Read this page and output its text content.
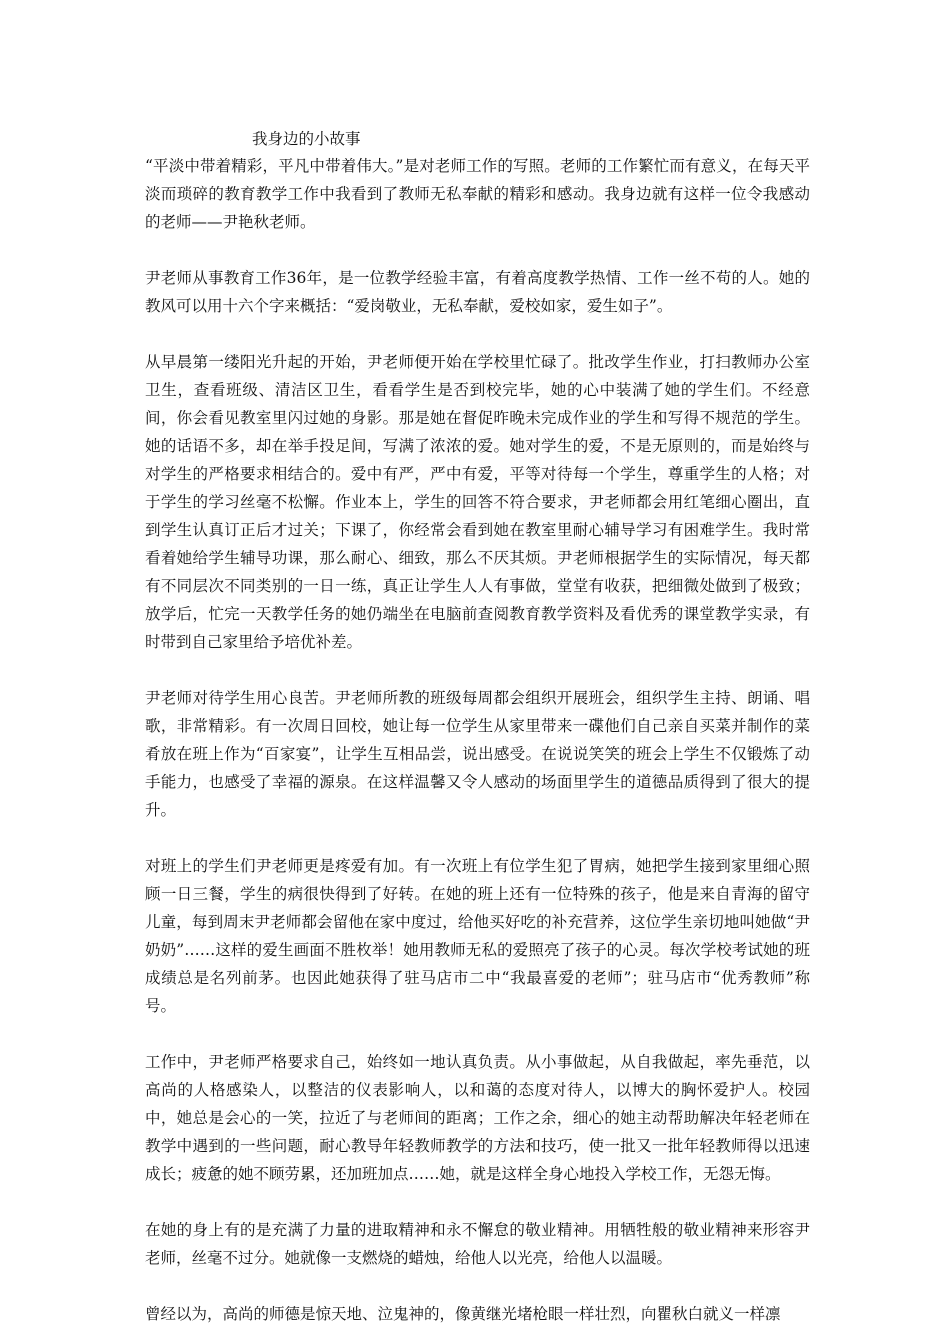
我身边的小故事

“平淡中带着精彩，平凡中带着伟大。”是对老师工作的写照。老师的工作繁忙而有意义，在每天平淡而琐碎的教育教学工作中我看到了教师无私奉献的精彩和感动。我身边就有这样一位令我感动的老师——尹艳秋老师。

尹老师从事教育工作36年，是一位教学经验丰富，有着高度教学热情、工作一丝不苟的人。她的教风可以用十六个字来概括：“爱岗敬业，无私奉献，爱校如家，爱生如子”。

从早晨第一缕阳光升起的开始，尹老师便开始在学校里忙碌了。批改学生作业，打扫教师办公室卫生，查看班级、清洁区卫生，看看学生是否到校完毕，她的心中装满了她的学生们。不经意间，你会看见教室里闪过她的身影。那是她在督促昨晚未完成作业的学生和写得不规范的学生。她的话语不多，却在举手投足间，写满了浓浓的爱。她对学生的爱，不是无原则的，而是始终与对学生的严格要求相结合的。爱中有严，严中有爱，平等对待每一个学生，尊重学生的人格；对于学生的学习丝毫不松懈。作业本上，学生的回答不符合要求，尹老师都会用红笔细心圈出，直到学生认真订正后才过关；下课了，你经常会看到她在教室里耐心辅导学习有困难学生。我时常看着她给学生辅导功课，那么耐心、细致，那么不厌其烦。尹老师根据学生的实际情况，每天都有不同层次不同类别的一日一练，真正让学生人人有事做，堂堂有收获，把细微处做到了极致；放学后，忙完一天教学任务的她仍端坐在电脑前查阅教育教学资料及看优秀的课堂教学实录，有时带到自己家里给予培优补差。

尹老师对待学生用心良苦。尹老师所教的班级每周都会组织开展班会，组织学生主持、朗诵、唱歌，非常精彩。有一次周日回校，她让每一位学生从家里带来一碟他们自己亲自买菜并制作的菜肴放在班上作为“百家宴”，让学生互相品尝，说出感受。在说说笑笑的班会上学生不仅锻炼了动手能力，也感受了幸福的源泉。在这样温馨又令人感动的场面里学生的道德品质得到了很大的提升。

对班上的学生们尹老师更是疼爱有加。有一次班上有位学生犯了胃病，她把学生接到家里细心照顾一日三餐，学生的病很快得到了好转。在她的班上还有一位特殊的孩子，他是来自青海的留守儿童，每到周末尹老师都会留他在家中度过，给他买好吃的补充营养，这位学生亲切地叫她做“尹奶奶”……这样的爱生画面不胜枚举！她用教师无私的爱照亮了孩子的心灵。每次学校考试她的班成绩总是名列前茅。也因此她获得了驻马店市二中“我最喜爱的老师”；驻马店市“优秀教师”称号。

工作中，尹老师严格要求自己，始终如一地认真负责。从小事做起，从自我做起，率先垂范，以高尚的人格感染人，以整洁的仪表影响人，以和蔼的态度对待人，以博大的胸怀爱护人。校园中，她总是会心的一笑，拉近了与老师间的距离；工作之余，细心的她主动帮助解决年轻老师在教学中遇到的一些问题，耐心教导年轻教师教学的方法和技巧，使一批又一批年轻教师得以迅速成长；疲惫的她不顾劳累，还加班加点……她，就是这样全身心地投入学校工作，无怨无悔。

在她的身上有的是充满了力量的进取精神和永不懈怠的敬业精神。用牺牲般的敬业精神来形容尹老师，丝毫不过分。她就像一支燃烧的蜡烛，给他人以光亮，给他人以温暖。

曾经以为，高尚的师德是惊天地、泣鬼神的，像黄继光堵枪眼一样壮烈，向瞿秋白就义一样凛
